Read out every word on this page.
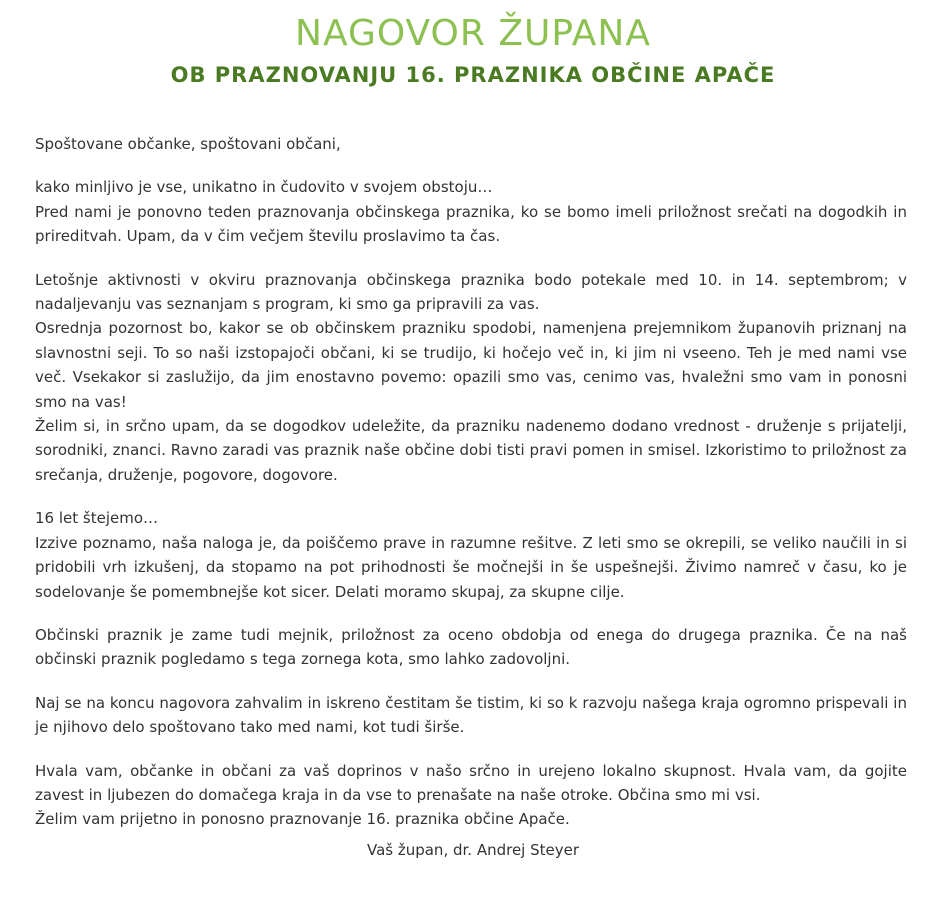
NAGOVOR ŽUPANA
OB PRAZNOVANJU 16. PRAZNIKA OBČINE APAČE

Spoštovane občanke, spoštovani občani,

kako minljivo je vse, unikatno in čudovito v svojem obstoju…
Pred nami je ponovno teden praznovanja občinskega praznika, ko se bomo imeli priložnost srečati na dogodkih in prireditvah. Upam, da v čim večjem številu proslavimo ta čas.

Letošnje aktivnosti v okviru praznovanja občinskega praznika bodo potekale med 10. in 14. septembrom; v nadaljevanju vas seznanjam s program, ki smo ga pripravili za vas.
Osrednja pozornost bo, kakor se ob občinskem prazniku spodobi, namenjena prejemnikom županovih priznanj na slavnostni seji. To so naši izstopajoči občani, ki se trudijo, ki hočejo več in, ki jim ni vseeno. Teh je med nami vse več. Vsekakor si zaslužijo, da jim enostavno povemo: opazili smo vas, cenimo vas, hvaležni smo vam in ponosni smo na vas!
Želim si, in srčno upam, da se dogodkov udeležite, da prazniku nadenemo dodano vrednost - druženje s prijatelji, sorodniki, znanci. Ravno zaradi vas praznik naše občine dobi tisti pravi pomen in smisel. Izkoristimo to priložnost za srečanja, druženje, pogovore, dogovore.

16 let štejemo…
Izzive poznamo, naša naloga je, da poiščemo prave in razumne rešitve. Z leti smo se okrepili, se veliko naučili in si pridobili vrh izkušenj, da stopamo na pot prihodnosti še močnejši in še uspešnejši. Živimo namreč v času, ko je sodelovanje še pomembnejše kot sicer. Delati moramo skupaj, za skupne cilje.

Občinski praznik je zame tudi mejnik, priložnost za oceno obdobja od enega do drugega praznika. Če na naš občinski praznik pogledamo s tega zornega kota, smo lahko zadovoljni.

Naj se na koncu nagovora zahvalim in iskreno čestitam še tistim, ki so k razvoju našega kraja ogromno prispevali in je njihovo delo spoštovano tako med nami, kot tudi širše.

Hvala vam, občanke in občani za vaš doprinos v našo srčno in urejeno lokalno skupnost. Hvala vam, da gojite zavest in ljubezen do domačega kraja in da vse to prenašate na naše otroke. Občina smo mi vsi.
Želim vam prijetno in ponosno praznovanje 16. praznika občine Apače.

Vaš župan, dr. Andrej Steyer
